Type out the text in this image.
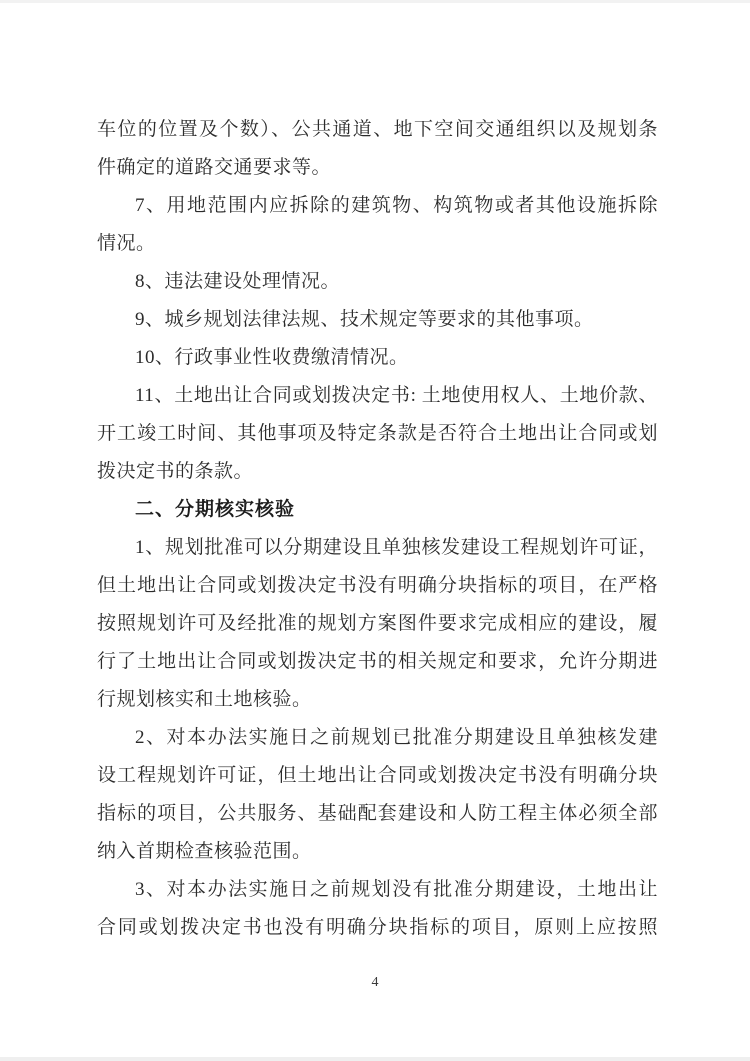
车位的位置及个数）、公共通道、地下空间交通组织以及规划条
件确定的道路交通要求等。
7、用地范围内应拆除的建筑物、构筑物或者其他设施拆除
情况。
8、违法建设处理情况。
9、城乡规划法律法规、技术规定等要求的其他事项。
10、行政事业性收费缴清情况。
11、土地出让合同或划拨决定书: 土地使用权人、土地价款、
开工竣工时间、其他事项及特定条款是否符合土地出让合同或划
拨决定书的条款。
二、分期核实核验
1、规划批准可以分期建设且单独核发建设工程规划许可证，
但土地出让合同或划拨决定书没有明确分块指标的项目，在严格
按照规划许可及经批准的规划方案图件要求完成相应的建设，履
行了土地出让合同或划拨决定书的相关规定和要求，允许分期进
行规划核实和土地核验。
2、对本办法实施日之前规划已批准分期建设且单独核发建
设工程规划许可证，但土地出让合同或划拨决定书没有明确分块
指标的项目，公共服务、基础配套建设和人防工程主体必须全部
纳入首期检查核验范围。
3、对本办法实施日之前规划没有批准分期建设，土地出让
合同或划拨决定书也没有明确分块指标的项目，原则上应按照
4
